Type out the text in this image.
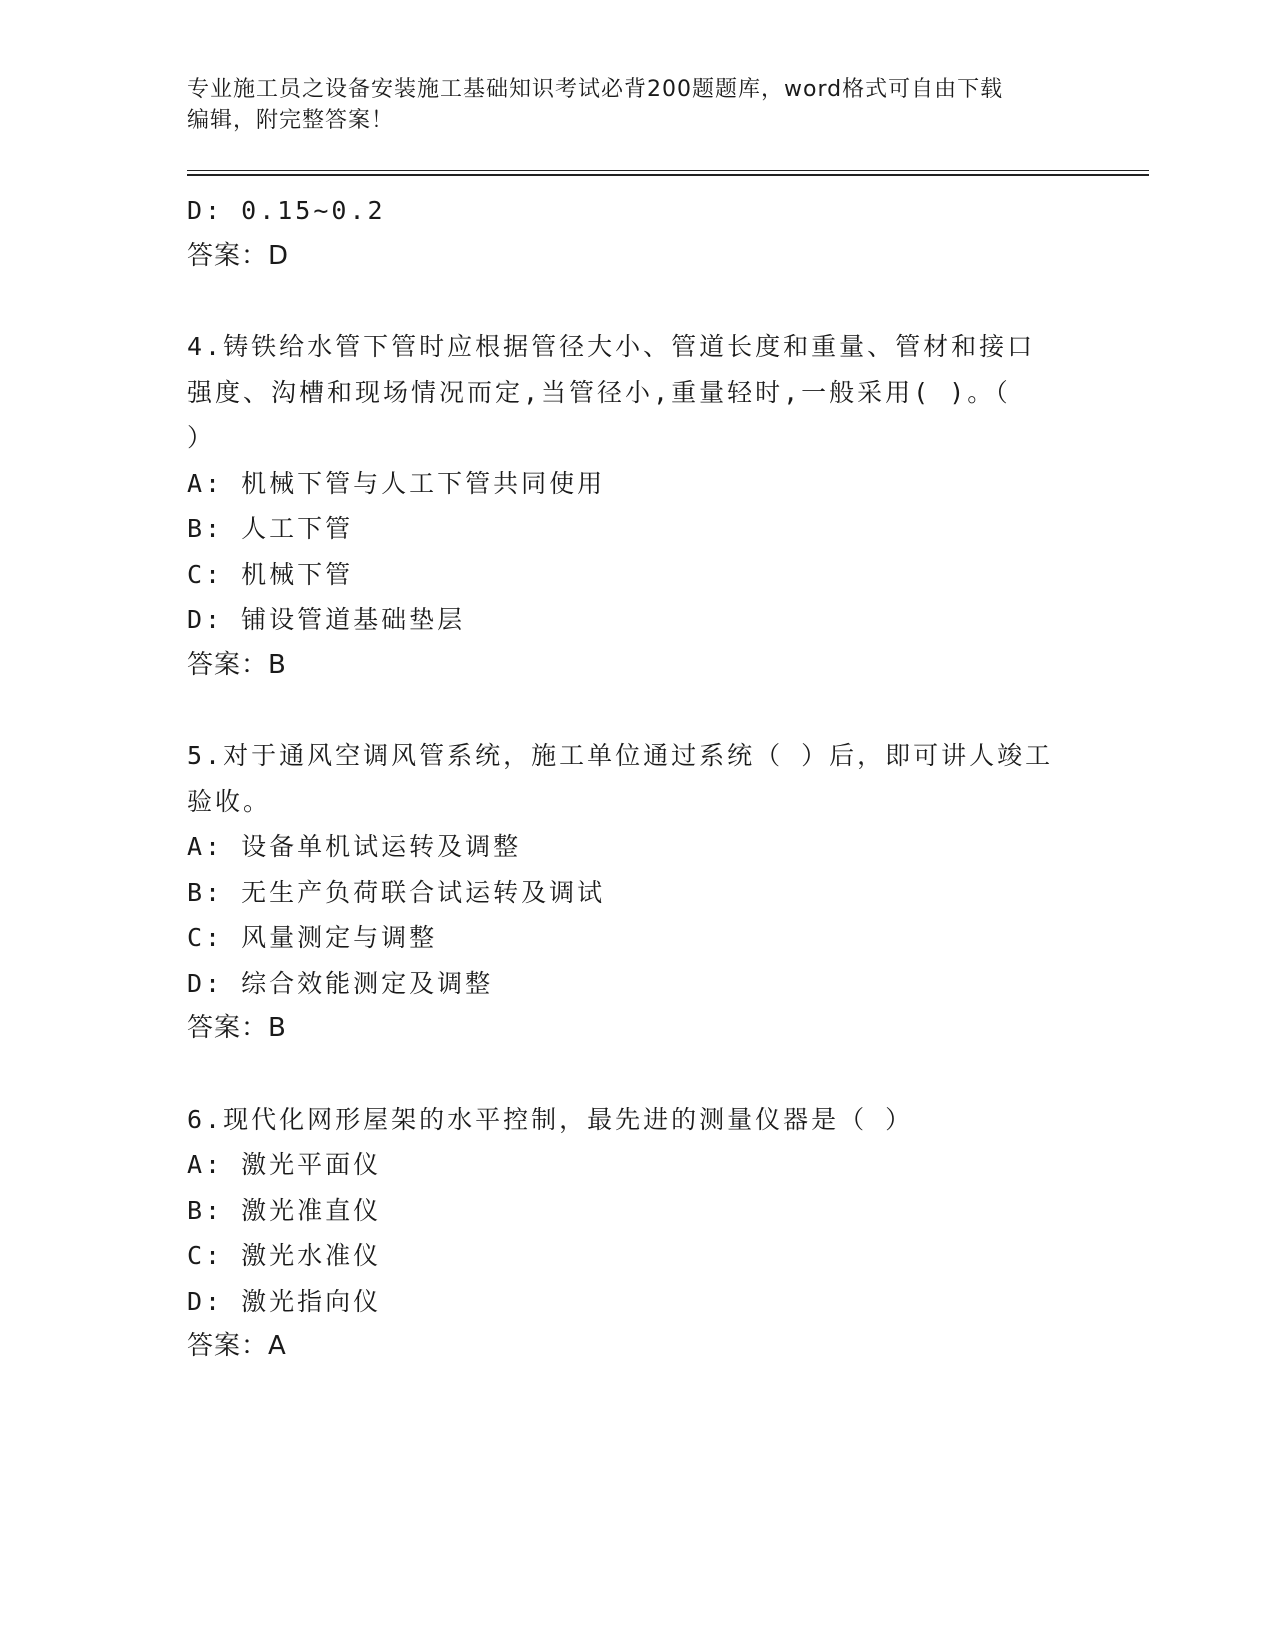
专业施工员之设备安装施工基础知识考试必背200题题库，word格式可自由下载
编辑，附完整答案！
D: 0.15~0.2
答案：D
4.铸铁给水管下管时应根据管径大小、管道长度和重量、管材和接口
强度、沟槽和现场情况而定,当管径小,重量轻时,一般采用( )。（
）
A: 机械下管与人工下管共同使用
B: 人工下管
C: 机械下管
D: 铺设管道基础垫层
答案：B
5.对于通风空调风管系统，施工单位通过系统（ ）后，即可讲人竣工
验收。
A: 设备单机试运转及调整
B: 无生产负荷联合试运转及调试
C: 风量测定与调整
D: 综合效能测定及调整
答案：B
6.现代化网形屋架的水平控制，最先进的测量仪器是（ ）
A: 激光平面仪
B: 激光准直仪
C: 激光水准仪
D: 激光指向仪
答案：A
